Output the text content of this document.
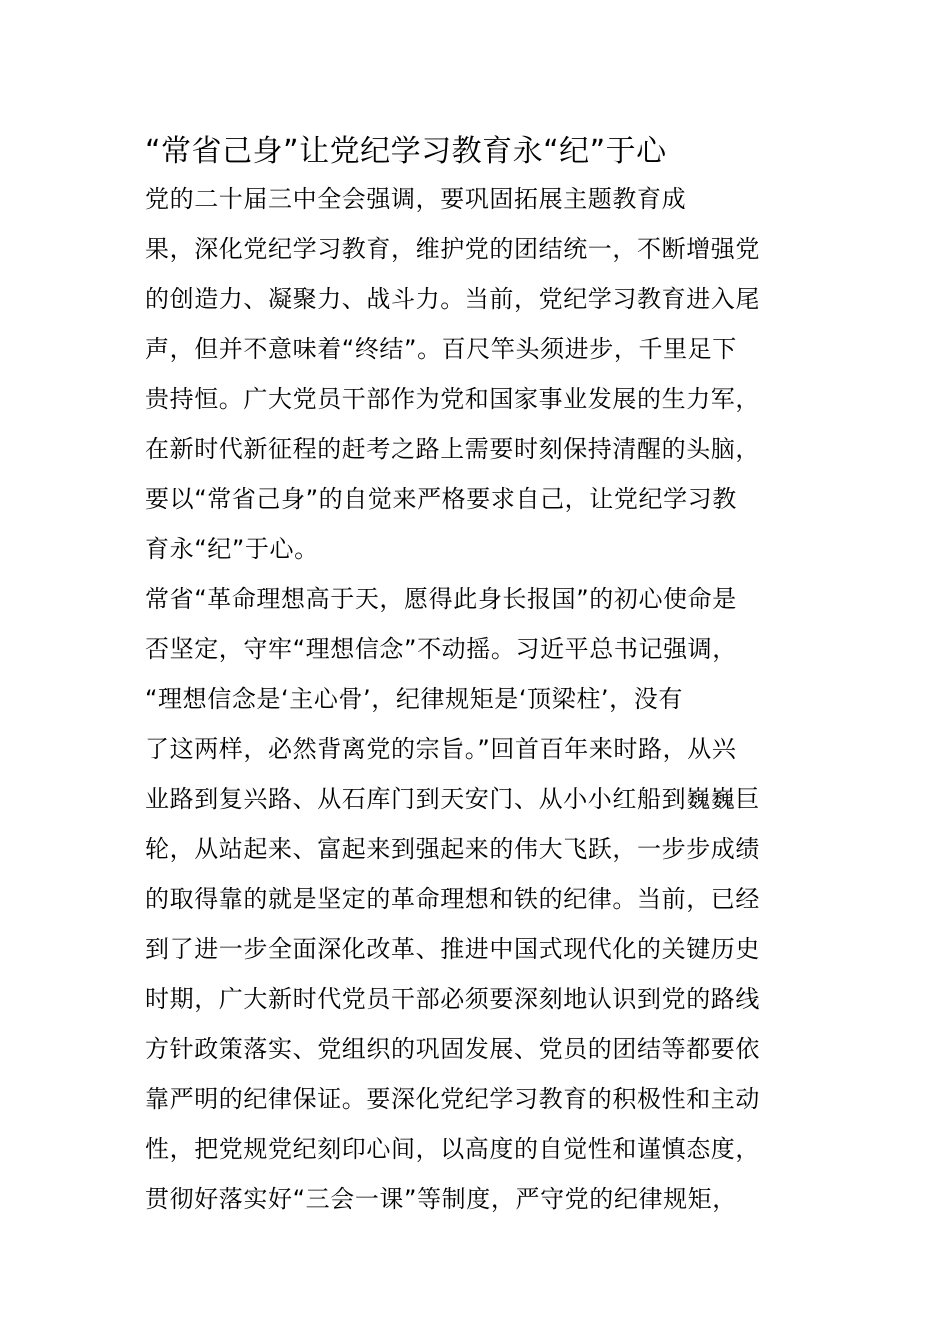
“常省己身”让党纪学习教育永“纪”于心
党的二十届三中全会强调，要巩固拓展主题教育成
果，深化党纪学习教育，维护党的团结统一，不断增强党
的创造力、凝聚力、战斗力。当前，党纪学习教育进入尾
声，但并不意味着“终结”。百尺竿头须进步，千里足下
贵持恒。广大党员干部作为党和国家事业发展的生力军，
在新时代新征程的赶考之路上需要时刻保持清醒的头脑，
要以“常省己身”的自觉来严格要求自己，让党纪学习教
育永“纪”于心。
常省“革命理想高于天，愿得此身长报国”的初心使命是
否坚定，守牢“理想信念”不动摇。习近平总书记强调，
“理想信念是‘主心骨’，纪律规矩是‘顶梁柱’，没有
了这两样，必然背离党的宗旨。”回首百年来时路，从兴
业路到复兴路、从石库门到天安门、从小小红船到巍巍巨
轮，从站起来、富起来到强起来的伟大飞跃，一步步成绩
的取得靠的就是坚定的革命理想和铁的纪律。当前，已经
到了进一步全面深化改革、推进中国式现代化的关键历史
时期，广大新时代党员干部必须要深刻地认识到党的路线
方针政策落实、党组织的巩固发展、党员的团结等都要依
靠严明的纪律保证。要深化党纪学习教育的积极性和主动
性，把党规党纪刻印心间，以高度的自觉性和谨慎态度，
贯彻好落实好“三会一课”等制度，严守党的纪律规矩，
